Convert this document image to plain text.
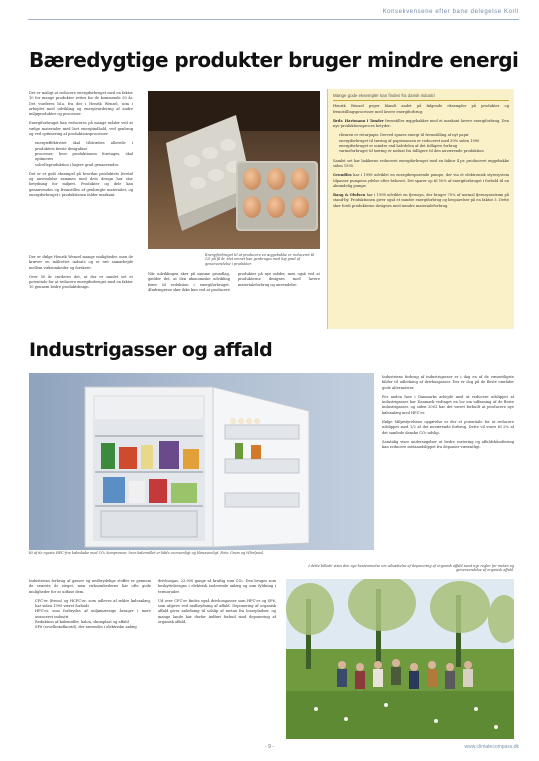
Konsekvensene efter bane delegelse Korll
Bæredygtige produkter bruger mindre energi

Det er muligt at reducere energiforbruget med en faktor 10 for mange produkter rettes for de kommende 50 år. Det vurderes bl.a. fra der i Henrik Wenzel, som i arbejdet med udvikling og energivurdering af andre miljøprodukter og processer.

Energiforbruget kan reduceres på mange måder ved at vælge materialer med lavt energiindhold, ved genbrug og ved optimering af produktionsprocesser.

• energieffektivitet skal tilstræbes allerede i produktets første designfase
• processer, hvor produktionen foretages, skal optimeres
• solcelleproduktion i højere grad genanvendes

Det er et godt eksempel på hvordan produktets levetid og anvendelse sammen med dets design har stor betydning for miljøet. Produkter og dele kan genanvendes og fremstilles af genbrugte materialer, og energiforbruget i produktionen falder markant.

Der er ifølge Henrik Wenzel mange muligheder, men de kræver en målrettet indsats og et tæt samarbejde mellem virksomheder og forskere.

Over 50 år vurderes det, at der er samlet set et potentiale for at reducere energiforbruget med en faktor 10 gennem bedre produktdesign.

Energiforbruget til at producere en æggebakke er reduceret til 1/5 på få år, idet emnet kan genbruges med høj grad af genanvendelse i produkter.
Når udviklingen sker på samme grundlag, gælder det, at den økonomiske udvikling fører til reduktion i energiforbruget. Ændringerne sker ikke kun ved at producere produkter på nye måder, men også ved at produkterne designes med lavere materialeforbrug og anvendelse.
Mange gode eksempler kan findes fra dansk industri

Henrik Wenzel peger blandt andet på følgende eksempler på produkter og fremstillingsprocesser med lavere energiforbrug:

Brdr. Hartmann i Tønder fremstiller æggebakker med et markant lavere energiforbrug. Den nye produktionsproces betyder:

• råvaren er returpapir. Derved spares energi til fremstilling af nyt papir
• energiforbruget til tørring af papirmassen er reduceret med 50% siden 1990
• energiforbruget er mindre end halvdelen af det tidligere forbrug
• varmeforbruget til tørring er nedsat fra tidligere til den nuværende produktion

Samlet set har bakkerne reduceret energiforbruget med en faktor 4 pr. produceret æggebakke siden 1995.

Grundfos har i 1998 udviklet en energibesparende pumpe, der via et elektronisk styresystem tilpasser pumpens ydelse efter behovet. Det sparer op til 50% af energiforbruget i forhold til en almindelig pumpe.

Bang & Olufsen har i 1998 udviklet en fjernsyn, der bruger 70% af normal fjernsynsstrøm på stand-by. Produktionen giver også et mindre energiforbrug og besparelser på en faktor 3. Dette sker fordi produkterne designes med mindre materialeforbrug.

Industrigasser og affald
Et af de nyeste HFC-frie køleskabe med CO₂ kompressor, hvor kølemidlet er både ozonvenligt og klimavenligt. Foto: Gram og Whirlpool.

Industriens forbrug af industrigasser er i dag en af de væsentligste kilder til udledning af drivhusgasser. Der er dog på de fleste områder gode alternativer.

For anden fase i Danmarks arbejde med at reducere udslippet af industrigasser har Danmark vedtaget en lov om udfasning af de fleste industrigasser, og siden 2002 har det været forbudt at producere nye køleanlæg med HFC'er.

Ifølge Miljøstyrelsens opgørelse er der et potentiale for at reducere udslippet med 1/2 af det nuværende forbrug. Dette vil svare til 2% af det samlede danske CO₂-udslip.

Samtidig viser undersøgelser at bedre sortering og affaldshåndtering kan reducere metanudslippet fra deponier væsentligt.

Industriens forbrug af gasser og nedbrydelige stoffer er gennem de seneste år steget, men virksomhederne har ofte gode muligheder for at udfase dem.

• CFC'er (freon) og HCFC'er, som udleves af ældre køleanlæg, har siden 1995 været forbudt
• HFC'er, som forbrydes af miljømæssige årsager i mere avanceret industri
• Reduktion af kølemidler, halon, skumplast og affald
• SF6 (svovlhexafluorid), der anvendes i elektriske anlæg

drivhusgas, 23.900 gange så kraftig som CO₂. Den bruges som beskyttelsesgas i elektrisk isolerende anlæg og som fyldning i termoruder.

Ud over CFC'er findes også drivhusgasser som HFC'er og SF6, som afgives ved nedbrydning af affald. Deponering af organisk affald giver anledning til udslip af metan fra lossepladser, og mange lande har derfor indført forbud mod deponering af organisk affald.

I dette billede vises den nye bestemmelse om udsættelse af deponering af organisk affald samt nye regler for metan og genanvendelse af organisk affald.
- 9 -	www.climatecompass.dk
